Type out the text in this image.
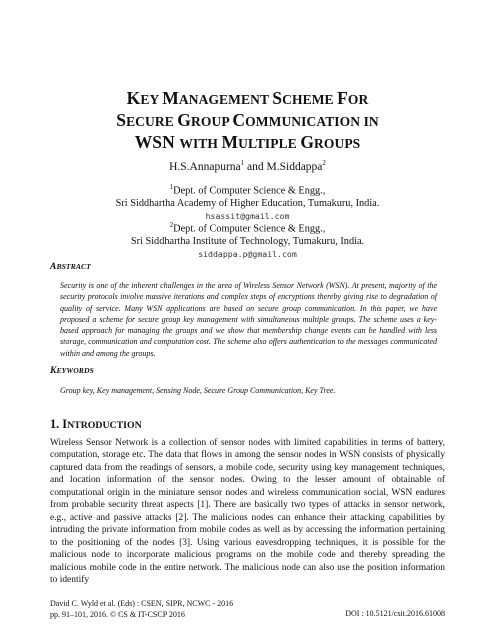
KEY MANAGEMENT SCHEME FOR
SECURE GROUP COMMUNICATION IN
WSN WITH MULTIPLE GROUPS
H.S.Annapurna$^1$ and M.Siddappa$^2$
$^1$Dept. of Computer Science & Engg.,
Sri Siddhartha Academy of Higher Education, Tumakuru, India.
hsassit@gmail.com
$^2$Dept. of Computer Science & Engg.,
Sri Siddhartha Institute of Technology, Tumakuru, India.
siddappa.p@gmail.com
ABSTRACT
Security is one of the inherent challenges in the area of Wireless Sensor Network (WSN). At present, majority of the security protocols involve massive iterations and complex steps of encryptions thereby giving rise to degradation of quality of service. Many WSN applications are based on secure group communication. In this paper, we have proposed a scheme for secure group key management with simultaneous multiple groups. The scheme uses a key-based approach for managing the groups and we show that membership change events can be handled with less storage, communication and computation cost. The scheme also offers authentication to the messages communicated within and among the groups.
KEYWORDS
Group key, Key management, Sensing Node, Secure Group Communication, Key Tree.
1. INTRODUCTION
Wireless Sensor Network is a collection of sensor nodes with limited capabilities in terms of battery, computation, storage etc. The data that flows in among the sensor nodes in WSN consists of physically captured data from the readings of sensors, a mobile code, security using key management techniques, and location information of the sensor nodes. Owing to the lesser amount of obtainable of computational origin in the miniature sensor nodes and wireless communication social, WSN endures from probable security threat aspects [1]. There are basically two types of attacks in sensor network, e.g., active and passive attacks [2]. The malicious nodes can enhance their attacking capabilities by intruding the private information from mobile codes as well as by accessing the information pertaining to the positioning of the nodes [3]. Using various eavesdropping techniques, it is possible for the malicious node to incorporate malicious programs on the mobile code and thereby spreading the malicious mobile code in the entire network. The malicious node can also use the position information to identify
David C. Wyld et al. (Eds) : CSEN, SIPR, NCWC - 2016
pp. 91–101, 2016. © CS & IT-CSCP 2016	DOI : 10.5121/csit.2016.61008
